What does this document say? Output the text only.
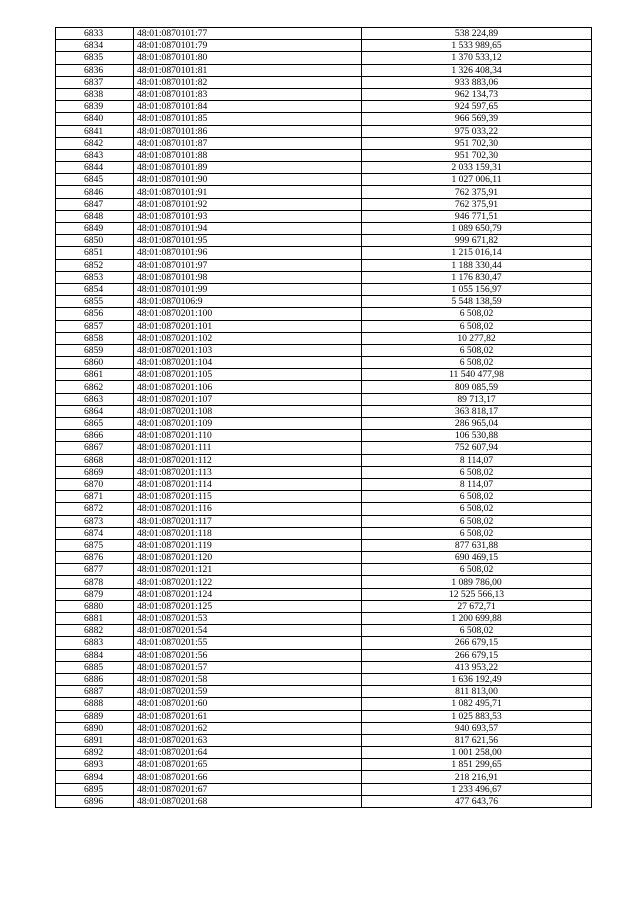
6833	48:01:0870101:77	538 224,89
6834	48:01:0870101:79	1 533 989,65
6835	48:01:0870101:80	1 370 533,12
6836	48:01:0870101:81	1 326 408,34
6837	48:01:0870101:82	933 883,06
6838	48:01:0870101:83	962 134,73
6839	48:01:0870101:84	924 597,65
6840	48:01:0870101:85	966 569,39
6841	48:01:0870101:86	975 033,22
6842	48:01:0870101:87	951 702,30
6843	48:01:0870101:88	951 702,30
6844	48:01:0870101:89	2 033 159,31
6845	48:01:0870101:90	1 027 006,11
6846	48:01:0870101:91	762 375,91
6847	48:01:0870101:92	762 375,91
6848	48:01:0870101:93	946 771,51
6849	48:01:0870101:94	1 089 650,79
6850	48:01:0870101:95	999 671,82
6851	48:01:0870101:96	1 215 016,14
6852	48:01:0870101:97	1 188 330,44
6853	48:01:0870101:98	1 176 830,47
6854	48:01:0870101:99	1 055 156,97
6855	48:01:0870106:9	5 548 138,59
6856	48:01:0870201:100	6 508,02
6857	48:01:0870201:101	6 508,02
6858	48:01:0870201:102	10 277,82
6859	48:01:0870201:103	6 508,02
6860	48:01:0870201:104	6 508,02
6861	48:01:0870201:105	11 540 477,98
6862	48:01:0870201:106	809 085,59
6863	48:01:0870201:107	89 713,17
6864	48:01:0870201:108	363 818,17
6865	48:01:0870201:109	286 965,04
6866	48:01:0870201:110	106 530,88
6867	48:01:0870201:111	752 607,94
6868	48:01:0870201:112	8 114,07
6869	48:01:0870201:113	6 508,02
6870	48:01:0870201:114	8 114,07
6871	48:01:0870201:115	6 508,02
6872	48:01:0870201:116	6 508,02
6873	48:01:0870201:117	6 508,02
6874	48:01:0870201:118	6 508,02
6875	48:01:0870201:119	877 631,88
6876	48:01:0870201:120	690 469,15
6877	48:01:0870201:121	6 508,02
6878	48:01:0870201:122	1 089 786,00
6879	48:01:0870201:124	12 525 566,13
6880	48:01:0870201:125	27 672,71
6881	48:01:0870201:53	1 200 699,88
6882	48:01:0870201:54	6 508,02
6883	48:01:0870201:55	266 679,15
6884	48:01:0870201:56	266 679,15
6885	48:01:0870201:57	413 953,22
6886	48:01:0870201:58	1 636 192,49
6887	48:01:0870201:59	811 813,00
6888	48:01:0870201:60	1 082 495,71
6889	48:01:0870201:61	1 025 883,53
6890	48:01:0870201:62	940 693,57
6891	48:01:0870201:63	817 621,56
6892	48:01:0870201:64	1 001 258,00
6893	48:01:0870201:65	1 851 299,65
6894	48:01:0870201:66	218 216,91
6895	48:01:0870201:67	1 233 496,67
6896	48:01:0870201:68	477 643,76
